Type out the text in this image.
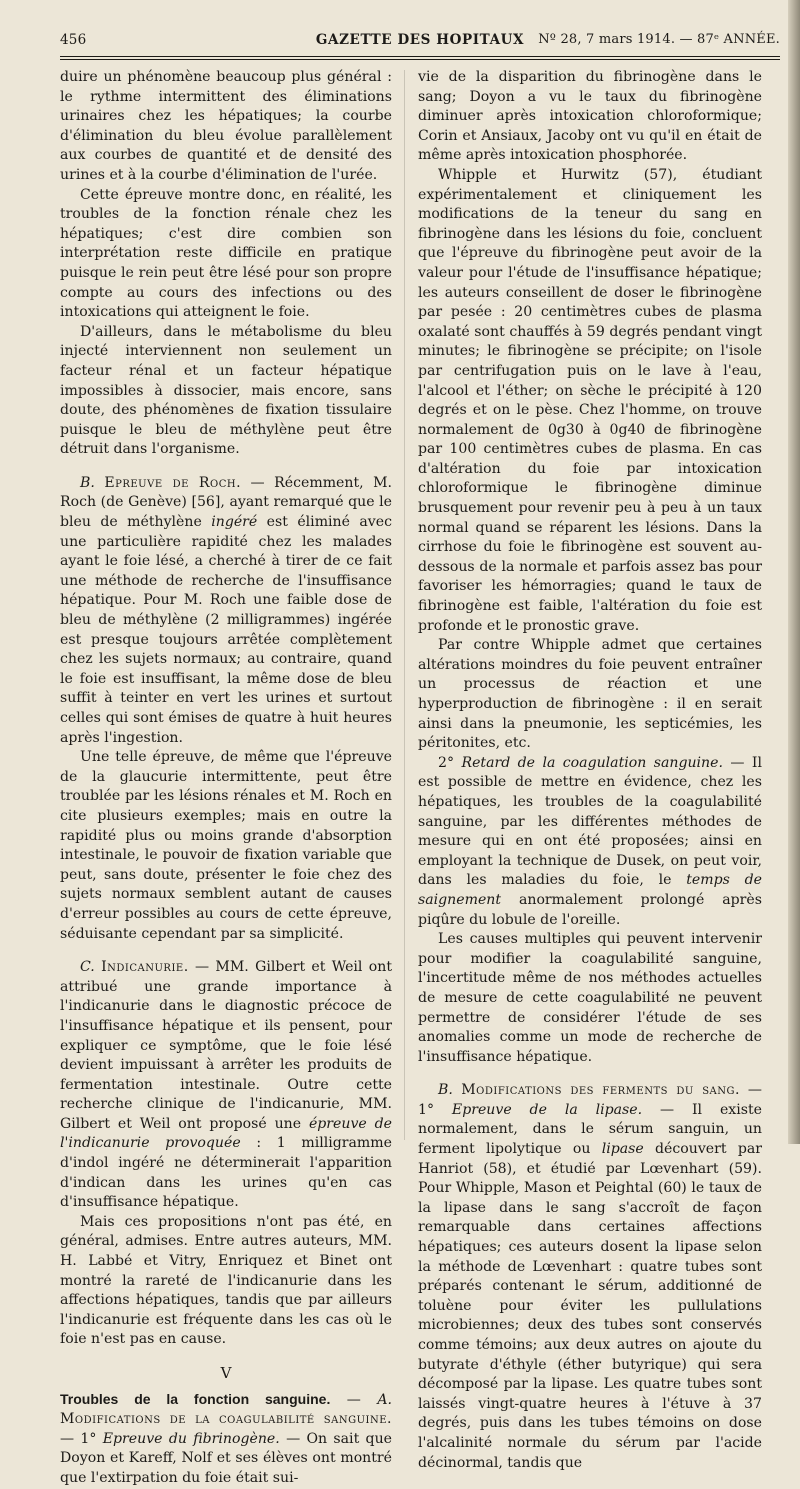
456	GAZETTE DES HOPITAUX	Nº 28, 7 mars 1914. — 87ᵉ ANNÉE.

duire un phénomène beaucoup plus général : le rythme intermittent des éliminations urinaires chez les hépatiques; la courbe d'élimination du bleu évolue parallèlement aux courbes de quantité et de densité des urines et à la courbe d'élimination de l'urée.

Cette épreuve montre donc, en réalité, les troubles de la fonction rénale chez les hépatiques; c'est dire combien son interprétation reste difficile en pratique puisque le rein peut être lésé pour son propre compte au cours des infections ou des intoxications qui atteignent le foie.

D'ailleurs, dans le métabolisme du bleu injecté interviennent non seulement un facteur rénal et un facteur hépatique impossibles à dissocier, mais encore, sans doute, des phénomènes de fixation tissulaire puisque le bleu de méthylène peut être détruit dans l'organisme.

B. Epreuve de Roch. — Récemment, M. Roch (de Genève) [56], ayant remarqué que le bleu de méthylène ingéré est éliminé avec une particulière rapidité chez les malades ayant le foie lésé, a cherché à tirer de ce fait une méthode de recherche de l'insuffisance hépatique. Pour M. Roch une faible dose de bleu de méthylène (2 milligrammes) ingérée est presque toujours arrêtée complètement chez les sujets normaux; au contraire, quand le foie est insuffisant, la même dose de bleu suffit à teinter en vert les urines et surtout celles qui sont émises de quatre à huit heures après l'ingestion.

Une telle épreuve, de même que l'épreuve de la glaucurie intermittente, peut être troublée par les lésions rénales et M. Roch en cite plusieurs exemples; mais en outre la rapidité plus ou moins grande d'absorption intestinale, le pouvoir de fixation variable que peut, sans doute, présenter le foie chez des sujets normaux semblent autant de causes d'erreur possibles au cours de cette épreuve, séduisante cependant par sa simplicité.

C. Indicanurie. — MM. Gilbert et Weil ont attribué une grande importance à l'indicanurie dans le diagnostic précoce de l'insuffisance hépatique et ils pensent, pour expliquer ce symptôme, que le foie lésé devient impuissant à arrêter les produits de fermentation intestinale. Outre cette recherche clinique de l'indicanurie, MM. Gilbert et Weil ont proposé une épreuve de l'indicanurie provoquée : 1 milligramme d'indol ingéré ne déterminerait l'apparition d'indican dans les urines qu'en cas d'insuffisance hépatique.

Mais ces propositions n'ont pas été, en général, admises. Entre autres auteurs, MM. H. Labbé et Vitry, Enriquez et Binet ont montré la rareté de l'indicanurie dans les affections hépatiques, tandis que par ailleurs l'indicanurie est fréquente dans les cas où le foie n'est pas en cause.

V

Troubles de la fonction sanguine. — A. Modifications de la coagulabilité sanguine. — 1° Epreuve du fibrinogène. — On sait que Doyon et Kareff, Nolf et ses élèves ont montré que l'extirpation du foie était sui-

vie de la disparition du fibrinogène dans le sang; Doyon a vu le taux du fibrinogène diminuer après intoxication chloroformique; Corin et Ansiaux, Jacoby ont vu qu'il en était de même après intoxication phosphorée.

Whipple et Hurwitz (57), étudiant expérimentalement et cliniquement les modifications de la teneur du sang en fibrinogène dans les lésions du foie, concluent que l'épreuve du fibrinogène peut avoir de la valeur pour l'étude de l'insuffisance hépatique; les auteurs conseillent de doser le fibrinogène par pesée : 20 centimètres cubes de plasma oxalaté sont chauffés à 59 degrés pendant vingt minutes; le fibrinogène se précipite; on l'isole par centrifugation puis on le lave à l'eau, l'alcool et l'éther; on sèche le précipité à 120 degrés et on le pèse. Chez l'homme, on trouve normalement de 0g30 à 0g40 de fibrinogène par 100 centimètres cubes de plasma. En cas d'altération du foie par intoxication chloroformique le fibrinogène diminue brusquement pour revenir peu à peu à un taux normal quand se réparent les lésions. Dans la cirrhose du foie le fibrinogène est souvent au-dessous de la normale et parfois assez bas pour favoriser les hémorragies; quand le taux de fibrinogène est faible, l'altération du foie est profonde et le pronostic grave.

Par contre Whipple admet que certaines altérations moindres du foie peuvent entraîner un processus de réaction et une hyperproduction de fibrinogène : il en serait ainsi dans la pneumonie, les septicémies, les péritonites, etc.

2° Retard de la coagulation sanguine. — Il est possible de mettre en évidence, chez les hépatiques, les troubles de la coagulabilité sanguine, par les différentes méthodes de mesure qui en ont été proposées; ainsi en employant la technique de Dusek, on peut voir, dans les maladies du foie, le temps de saignement anormalement prolongé après piqûre du lobule de l'oreille.

Les causes multiples qui peuvent intervenir pour modifier la coagulabilité sanguine, l'incertitude même de nos méthodes actuelles de mesure de cette coagulabilité ne peuvent permettre de considérer l'étude de ses anomalies comme un mode de recherche de l'insuffisance hépatique.

B. Modifications des ferments du sang. — 1° Epreuve de la lipase. — Il existe normalement, dans le sérum sanguin, un ferment lipolytique ou lipase découvert par Hanriot (58), et étudié par Lœvenhart (59). Pour Whipple, Mason et Peightal (60) le taux de la lipase dans le sang s'accroît de façon remarquable dans certaines affections hépatiques; ces auteurs dosent la lipase selon la méthode de Lœvenhart : quatre tubes sont préparés contenant le sérum, additionné de toluène pour éviter les pullulations microbiennes; deux des tubes sont conservés comme témoins; aux deux autres on ajoute du butyrate d'éthyle (éther butyrique) qui sera décomposé par la lipase. Les quatre tubes sont laissés vingt-quatre heures à l'étuve à 37 degrés, puis dans les tubes témoins on dose l'alcalinité normale du sérum par l'acide décinormal, tandis que
